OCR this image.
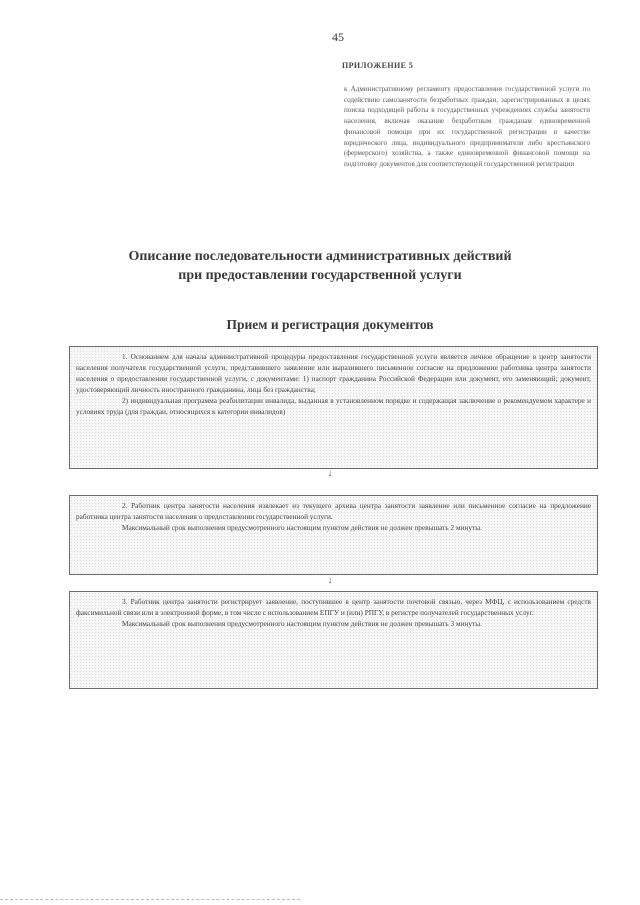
45
ПРИЛОЖЕНИЕ 5
к Административному регламенту предоставления государственной услуги по содействию самозанятости безработных граждан, зарегистрированных в целях поиска подходящей работы в государственных учреждениях службы занятости населения, включая оказание безработным гражданам единовременной финансовой помощи при их государственной регистрации в качестве юридического лица, индивидуального предпринимателя либо крестьянского (фермерского) хозяйства, а также единовременной финансовой помощи на подготовку документов для соответствующей государственной регистрации
Описание последовательности административных действий
при предоставлении государственной услуги
Прием и регистрация документов

1. Основанием для начала административной процедуры предоставления государственной услуги является личное обращение в центр занятости населения получателя государственной услуги, представившего заявление или выразившего письменное согласие на предложение работника центра занятости населения о предоставлении государственной услуги, с документами: 1) паспорт гражданина Российской Федерации или документ, его заменяющий; документ, удостоверяющий личность иностранного гражданина, лица без гражданства;

2) индивидуальная программа реабилитации инвалида, выданная в установленном порядке и содержащая заключение о рекомендуемом характере и условиях труда (для граждан, относящихся к категории инвалидов)

↓

2. Работник центра занятости населения извлекает из текущего архива центра занятости заявление или письменное согласие на предложение работника центра занятости населения о предоставлении государственной услуги.

Максимальный срок выполнения предусмотренного настоящим пунктом действия не должен превышать 2 минуты.

↓

3. Работник центра занятости регистрирует заявление, поступившее в центр занятости почтовой связью, через МФЦ, с использованием средств факсимильной связи или в электронной форме, в том числе с использованием ЕПГУ и (или) РПГУ, в регистре получателей государственных услуг.

Максимальный срок выполнения предусмотренного настоящим пунктом действия не должен превышать 3 минуты.
